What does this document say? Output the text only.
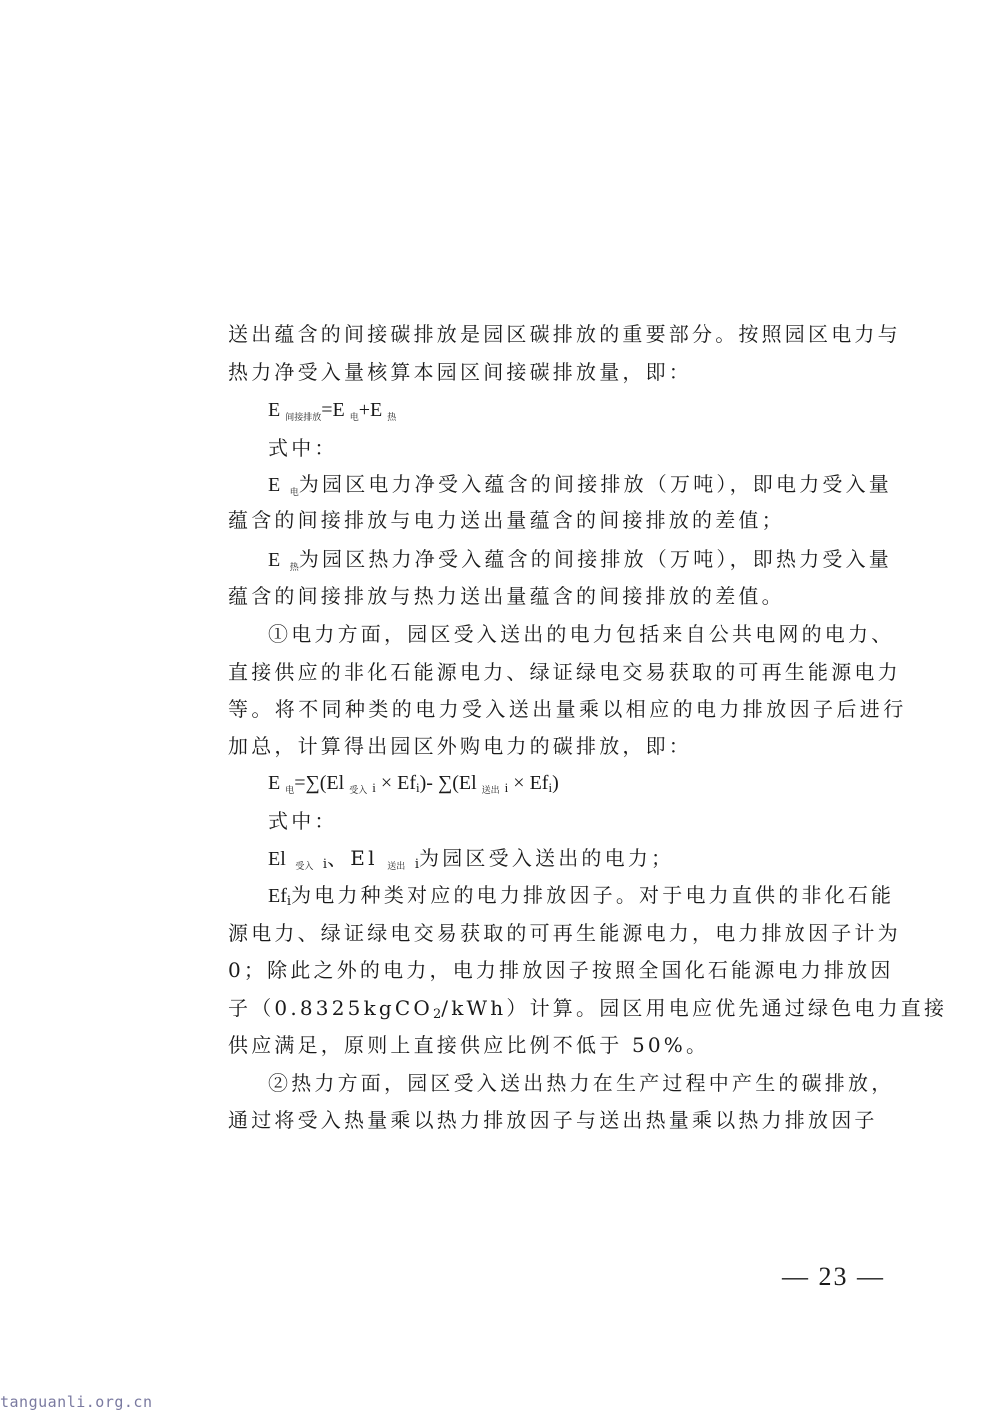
送出蕴含的间接碳排放是园区碳排放的重要部分。按照园区电力与
热力净受入量核算本园区间接碳排放量，即：
E $_{间接排放}$=E $_电$+E $_热$
式中：
E $_电$为园区电力净受入蕴含的间接排放（万吨），即电力受入量
蕴含的间接排放与电力送出量蕴含的间接排放的差值；
E $_热$为园区热力净受入蕴含的间接排放（万吨），即热力受入量
蕴含的间接排放与热力送出量蕴含的间接排放的差值。
①电力方面，园区受入送出的电力包括来自公共电网的电力、
直接供应的非化石能源电力、绿证绿电交易获取的可再生能源电力
等。将不同种类的电力受入送出量乘以相应的电力排放因子后进行
加总，计算得出园区外购电力的碳排放，即：
E $_电$=∑(El $_{受入}$ i × Efi)- ∑(El $_{送出}$ i × Efi)
式中：
El $_{受入}$ i、El $_{送出}$ i为园区受入送出的电力；
Efi为电力种类对应的电力排放因子。对于电力直供的非化石能
源电力、绿证绿电交易获取的可再生能源电力，电力排放因子计为
0；除此之外的电力，电力排放因子按照全国化石能源电力排放因
子（0.8325kgCO2/kWh）计算。园区用电应优先通过绿色电力直接
供应满足，原则上直接供应比例不低于 50%。
②热力方面，园区受入送出热力在生产过程中产生的碳排放，
通过将受入热量乘以热力排放因子与送出热量乘以热力排放因子
— 23 —
tanguanli.org.cn
